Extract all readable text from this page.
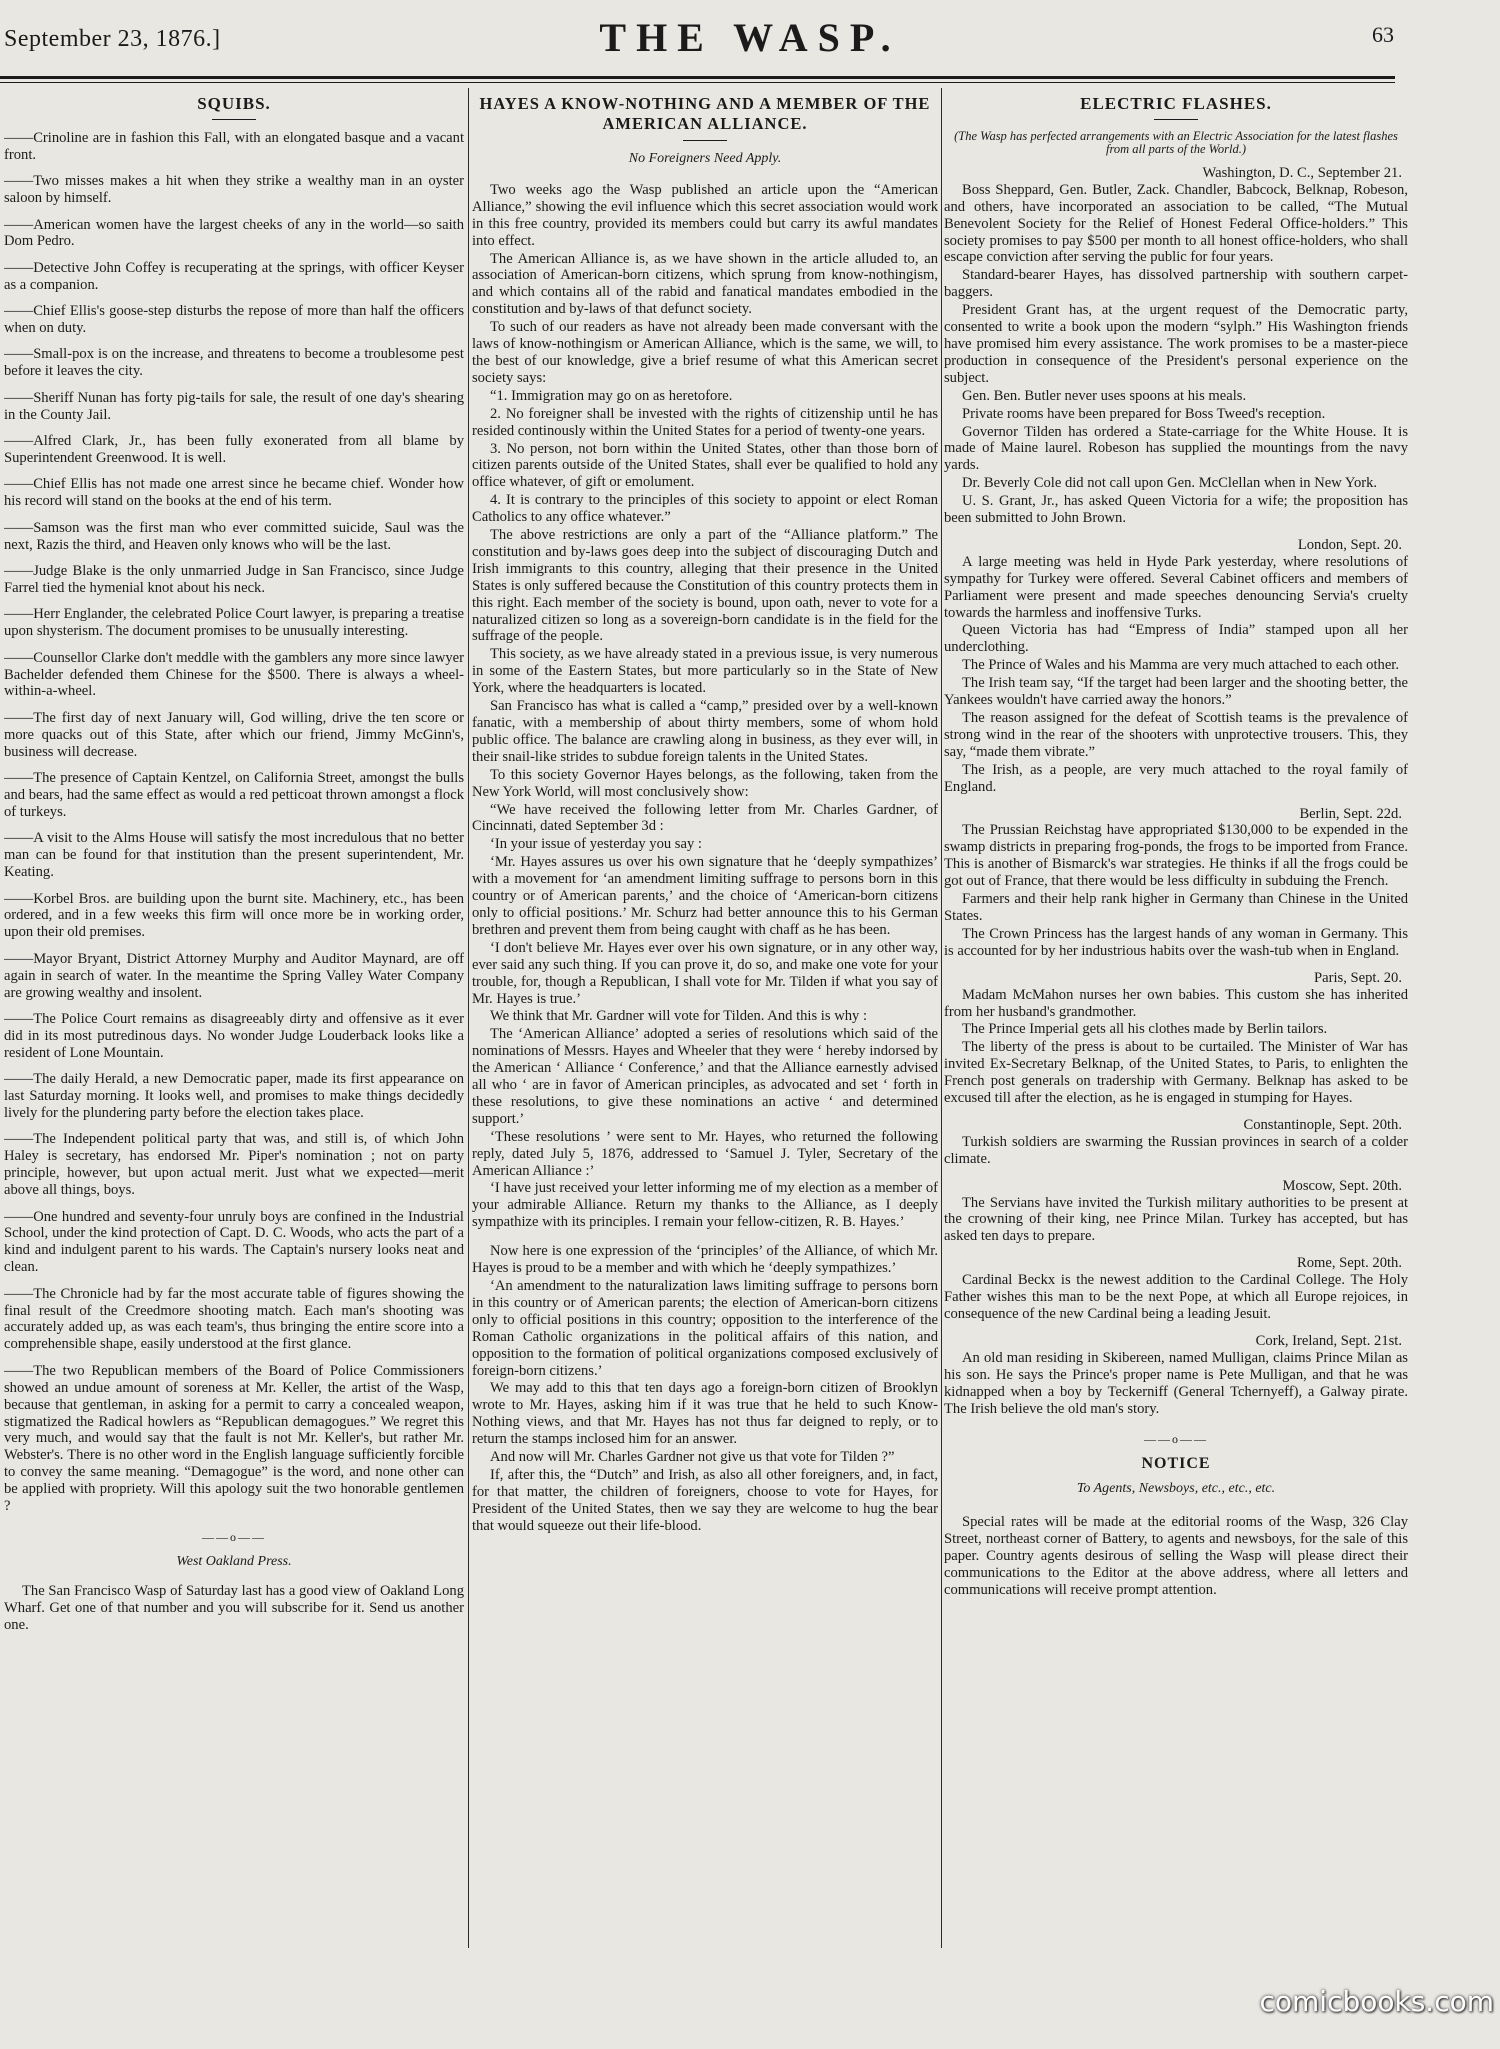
September 23, 1876.]	THE WASP.	63
SQUIBS.

——Crinoline are in fashion this Fall, with an elongated basque and a vacant front.

——Two misses makes a hit when they strike a wealthy man in an oyster saloon by himself.

——American women have the largest cheeks of any in the world—so saith Dom Pedro.

——Detective John Coffey is recuperating at the springs, with officer Keyser as a companion.

——Chief Ellis's goose-step disturbs the repose of more than half the officers when on duty.

——Small-pox is on the increase, and threatens to become a troublesome pest before it leaves the city.

——Sheriff Nunan has forty pig-tails for sale, the result of one day's shearing in the County Jail.

——Alfred Clark, Jr., has been fully exonerated from all blame by Superintendent Greenwood. It is well.

——Chief Ellis has not made one arrest since he became chief. Wonder how his record will stand on the books at the end of his term.

——Samson was the first man who ever committed suicide, Saul was the next, Razis the third, and Heaven only knows who will be the last.

——Judge Blake is the only unmarried Judge in San Francisco, since Judge Farrel tied the hymenial knot about his neck.

——Herr Englander, the celebrated Police Court lawyer, is preparing a treatise upon shysterism. The document promises to be unusually interesting.

——Counsellor Clarke don't meddle with the gamblers any more since lawyer Bachelder defended them Chinese for the $500. There is always a wheel-within-a-wheel.

——The first day of next January will, God willing, drive the ten score or more quacks out of this State, after which our friend, Jimmy McGinn's, business will decrease.

——The presence of Captain Kentzel, on California Street, amongst the bulls and bears, had the same effect as would a red petticoat thrown amongst a flock of turkeys.

——A visit to the Alms House will satisfy the most incredulous that no better man can be found for that institution than the present superintendent, Mr. Keating.

——Korbel Bros. are building upon the burnt site. Machinery, etc., has been ordered, and in a few weeks this firm will once more be in working order, upon their old premises.

——Mayor Bryant, District Attorney Murphy and Auditor Maynard, are off again in search of water. In the meantime the Spring Valley Water Company are growing wealthy and insolent.

——The Police Court remains as disagreeably dirty and offensive as it ever did in its most putredinous days. No wonder Judge Louderback looks like a resident of Lone Mountain.

——The daily Herald, a new Democratic paper, made its first appearance on last Saturday morning. It looks well, and promises to make things decidedly lively for the plundering party before the election takes place.

——The Independent political party that was, and still is, of which John Haley is secretary, has endorsed Mr. Piper's nomination ; not on party principle, however, but upon actual merit. Just what we expected—merit above all things, boys.

——One hundred and seventy-four unruly boys are confined in the Industrial School, under the kind protection of Capt. D. C. Woods, who acts the part of a kind and indulgent parent to his wards. The Captain's nursery looks neat and clean.

——The Chronicle had by far the most accurate table of figures showing the final result of the Creedmore shooting match. Each man's shooting was accurately added up, as was each team's, thus bringing the entire score into a comprehensible shape, easily understood at the first glance.

——The two Republican members of the Board of Police Commissioners showed an undue amount of soreness at Mr. Keller, the artist of the Wasp, because that gentleman, in asking for a permit to carry a concealed weapon, stigmatized the Radical howlers as “Republican demagogues.” We regret this very much, and would say that the fault is not Mr. Keller's, but rather Mr. Webster's. There is no other word in the English language sufficiently forcible to convey the same meaning. “Demagogue” is the word, and none other can be applied with propriety. Will this apology suit the two honorable gentlemen ?

——o——
West Oakland Press.

The San Francisco Wasp of Saturday last has a good view of Oakland Long Wharf. Get one of that number and you will subscribe for it. Send us another one.

HAYES A KNOW-NOTHING AND A MEMBER OF THE AMERICAN ALLIANCE.
No Foreigners Need Apply.

Two weeks ago the Wasp published an article upon the “American Alliance,” showing the evil influence which this secret association would work in this free country, provided its members could but carry its awful mandates into effect.

The American Alliance is, as we have shown in the article alluded to, an association of American-born citizens, which sprung from know-nothingism, and which contains all of the rabid and fanatical mandates embodied in the constitution and by-laws of that defunct society.

To such of our readers as have not already been made conversant with the laws of know-nothingism or American Alliance, which is the same, we will, to the best of our knowledge, give a brief resume of what this American secret society says:

“1. Immigration may go on as heretofore.

2. No foreigner shall be invested with the rights of citizenship until he has resided continously within the United States for a period of twenty-one years.

3. No person, not born within the United States, other than those born of citizen parents outside of the United States, shall ever be qualified to hold any office whatever, of gift or emolument.

4. It is contrary to the principles of this society to appoint or elect Roman Catholics to any office whatever.”

The above restrictions are only a part of the “Alliance platform.” The constitution and by-laws goes deep into the subject of discouraging Dutch and Irish immigrants to this country, alleging that their presence in the United States is only suffered because the Constitution of this country protects them in this right. Each member of the society is bound, upon oath, never to vote for a naturalized citizen so long as a sovereign-born candidate is in the field for the suffrage of the people.

This society, as we have already stated in a previous issue, is very numerous in some of the Eastern States, but more particularly so in the State of New York, where the headquarters is located.

San Francisco has what is called a “camp,” presided over by a well-known fanatic, with a membership of about thirty members, some of whom hold public office. The balance are crawling along in business, as they ever will, in their snail-like strides to subdue foreign talents in the United States.

To this society Governor Hayes belongs, as the following, taken from the New York World, will most conclusively show:

“We have received the following letter from Mr. Charles Gardner, of Cincinnati, dated September 3d :

‘In your issue of yesterday you say :

‘Mr. Hayes assures us over his own signature that he ‘deeply sympathizes’ with a movement for ‘an amendment limiting suffrage to persons born in this country or of American parents,’ and the choice of ‘American-born citizens only to official positions.’ Mr. Schurz had better announce this to his German brethren and prevent them from being caught with chaff as he has been.

‘I don't believe Mr. Hayes ever over his own signature, or in any other way, ever said any such thing. If you can prove it, do so, and make one vote for your trouble, for, though a Republican, I shall vote for Mr. Tilden if what you say of Mr. Hayes is true.’

We think that Mr. Gardner will vote for Tilden. And this is why :

The ‘American Alliance’ adopted a series of resolutions which said of the nominations of Messrs. Hayes and Wheeler that they were ‘ hereby indorsed by the American ‘ Alliance ‘ Conference,’ and that the Alliance earnestly advised all who ‘ are in favor of American principles, as advocated and set ‘ forth in these resolutions, to give these nominations an active ‘ and determined support.’

‘These resolutions ’ were sent to Mr. Hayes, who returned the following reply, dated July 5, 1876, addressed to ‘Samuel J. Tyler, Secretary of the American Alliance :’

‘I have just received your letter informing me of my election as a member of your admirable Alliance. Return my thanks to the Alliance, as I deeply sympathize with its principles. I remain your fellow-citizen, R. B. Hayes.’

Now here is one expression of the ‘principles’ of the Alliance, of which Mr. Hayes is proud to be a member and with which he ‘deeply sympathizes.’

‘An amendment to the naturalization laws limiting suffrage to persons born in this country or of American parents; the election of American-born citizens only to official positions in this country; opposition to the interference of the Roman Catholic organizations in the political affairs of this nation, and opposition to the formation of political organizations composed exclusively of foreign-born citizens.’

We may add to this that ten days ago a foreign-born citizen of Brooklyn wrote to Mr. Hayes, asking him if it was true that he held to such Know-Nothing views, and that Mr. Hayes has not thus far deigned to reply, or to return the stamps inclosed him for an answer.

And now will Mr. Charles Gardner not give us that vote for Tilden ?”

If, after this, the “Dutch” and Irish, as also all other foreigners, and, in fact, for that matter, the children of foreigners, choose to vote for Hayes, for President of the United States, then we say they are welcome to hug the bear that would squeeze out their life-blood.

ELECTRIC FLASHES.
(The Wasp has perfected arrangements with an Electric Association for the latest flashes from all parts of the World.)
Washington, D. C., September 21.

Boss Sheppard, Gen. Butler, Zack. Chandler, Babcock, Belknap, Robeson, and others, have incorporated an association to be called, “The Mutual Benevolent Society for the Relief of Honest Federal Office-holders.” This society promises to pay $500 per month to all honest office-holders, who shall escape conviction after serving the public for four years.

Standard-bearer Hayes, has dissolved partnership with southern carpet-baggers.

President Grant has, at the urgent request of the Democratic party, consented to write a book upon the modern “sylph.” His Washington friends have promised him every assistance. The work promises to be a master-piece production in consequence of the President's personal experience on the subject.

Gen. Ben. Butler never uses spoons at his meals.

Private rooms have been prepared for Boss Tweed's reception.

Governor Tilden has ordered a State-carriage for the White House. It is made of Maine laurel. Robeson has supplied the mountings from the navy yards.

Dr. Beverly Cole did not call upon Gen. McClellan when in New York.

U. S. Grant, Jr., has asked Queen Victoria for a wife; the proposition has been submitted to John Brown.

London, Sept. 20.

A large meeting was held in Hyde Park yesterday, where resolutions of sympathy for Turkey were offered. Several Cabinet officers and members of Parliament were present and made speeches denouncing Servia's cruelty towards the harmless and inoffensive Turks.

Queen Victoria has had “Empress of India” stamped upon all her underclothing.

The Prince of Wales and his Mamma are very much attached to each other.

The Irish team say, “If the target had been larger and the shooting better, the Yankees wouldn't have carried away the honors.”

The reason assigned for the defeat of Scottish teams is the prevalence of strong wind in the rear of the shooters with unprotective trousers. This, they say, “made them vibrate.”

The Irish, as a people, are very much attached to the royal family of England.

Berlin, Sept. 22d.

The Prussian Reichstag have appropriated $130,000 to be expended in the swamp districts in preparing frog-ponds, the frogs to be imported from France. This is another of Bismarck's war strategies. He thinks if all the frogs could be got out of France, that there would be less difficulty in subduing the French.

Farmers and their help rank higher in Germany than Chinese in the United States.

The Crown Princess has the largest hands of any woman in Germany. This is accounted for by her industrious habits over the wash-tub when in England.

Paris, Sept. 20.

Madam McMahon nurses her own babies. This custom she has inherited from her husband's grandmother.

The Prince Imperial gets all his clothes made by Berlin tailors.

The liberty of the press is about to be curtailed. The Minister of War has invited Ex-Secretary Belknap, of the United States, to Paris, to enlighten the French post generals on tradership with Germany. Belknap has asked to be excused till after the election, as he is engaged in stumping for Hayes.

Constantinople, Sept. 20th.

Turkish soldiers are swarming the Russian provinces in search of a colder climate.

Moscow, Sept. 20th.

The Servians have invited the Turkish military authorities to be present at the crowning of their king, nee Prince Milan. Turkey has accepted, but has asked ten days to prepare.

Rome, Sept. 20th.

Cardinal Beckx is the newest addition to the Cardinal College. The Holy Father wishes this man to be the next Pope, at which all Europe rejoices, in consequence of the new Cardinal being a leading Jesuit.

Cork, Ireland, Sept. 21st.

An old man residing in Skibereen, named Mulligan, claims Prince Milan as his son. He says the Prince's proper name is Pete Mulligan, and that he was kidnapped when a boy by Teckerniff (General Tchernyeff), a Galway pirate. The Irish believe the old man's story.

——o——
NOTICE
To Agents, Newsboys, etc., etc., etc.

Special rates will be made at the editorial rooms of the Wasp, 326 Clay Street, northeast corner of Battery, to agents and newsboys, for the sale of this paper. Country agents desirous of selling the Wasp will please direct their communications to the Editor at the above address, where all letters and communications will receive prompt attention.

comicbooks.com
